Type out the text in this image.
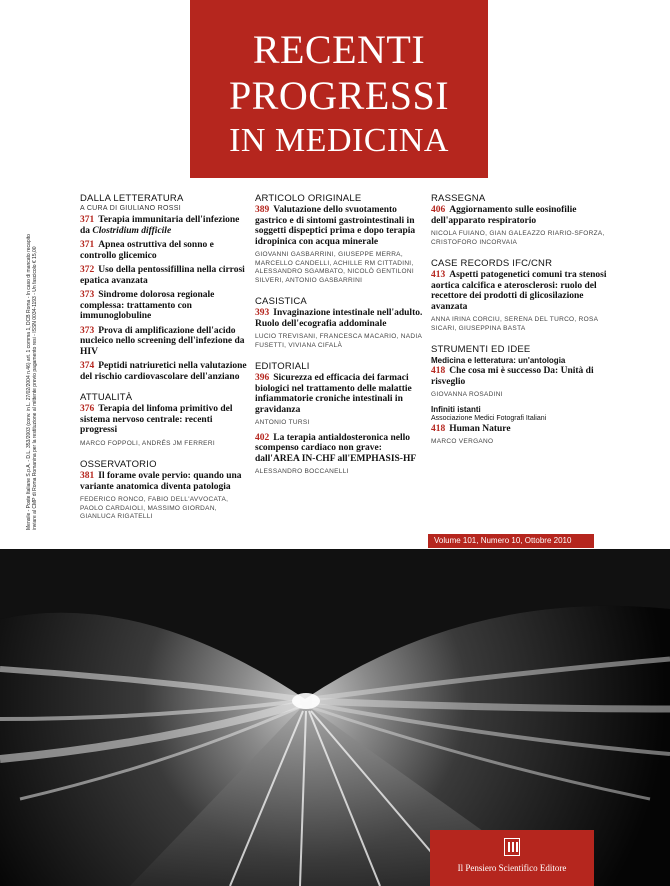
RECENTI
PROGRESSI
IN MEDICINA
Mensile - Poste Italiane S.p.A. - D.L. 353/2003 (conv. in L. 27/02/2004 n.46) art. 1 comma 1, DCB Roma - In caso di mancato recapito inviare al CMP di Roma Romanina per la restituzione al mittente previo pagamento resi - ISSN 0034-1193 - Un fascicolo € 15,00
DALLA LETTERATURA
A CURA DI GIULIANO ROSSI
371 Terapia immunitaria dell'infezione da Clostridium difficile
371 Apnea ostruttiva del sonno e controllo glicemico
372 Uso della pentossifillina nella cirrosi epatica avanzata
373 Sindrome dolorosa regionale complessa: trattamento con immunoglobuline
373 Prova di amplificazione dell'acido nucleico nello screening dell'infezione da HIV
374 Peptidi natriuretici nella valutazione del rischio cardiovascolare dell'anziano
ATTUALITÀ
376 Terapia del linfoma primitivo del sistema nervoso centrale: recenti progressi
MARCO FOPPOLI, ANDRÉS JM FERRERI
OSSERVATORIO
381 Il forame ovale pervio: quando una variante anatomica diventa patologia
FEDERICO RONCO, FABIO DELL'AVVOCATA, PAOLO CARDAIOLI, MASSIMO GIORDAN, GIANLUCA RIGATELLI
ARTICOLO ORIGINALE
389 Valutazione dello svuotamento gastrico e di sintomi gastrointestinali in soggetti dispeptici prima e dopo terapia idropinica con acqua minerale
GIOVANNI GASBARRINI, GIUSEPPE MERRA, MARCELLO CANDELLI, ACHILLE RM CITTADINI, ALESSANDRO SGAMBATO, NICOLÒ GENTILONI SILVERI, ANTONIO GASBARRINI
CASISTICA
393 Invaginazione intestinale nell'adulto. Ruolo dell'ecografia addominale
LUCIO TREVISANI, FRANCESCA MACARIO, NADIA FUSETTI, VIVIANA CIFALÀ
EDITORIALI
396 Sicurezza ed efficacia dei farmaci biologici nel trattamento delle malattie infiammatorie croniche intestinali in gravidanza
ANTONIO TURSI
402 La terapia antialdosteronica nello scompenso cardiaco non grave: dall'AREA IN-CHF all'EMPHASIS-HF
ALESSANDRO BOCCANELLI
RASSEGNA
406 Aggiornamento sulle eosinofilie dell'apparato respiratorio
NICOLA FUIANO, GIAN GALEAZZO RIARIO-SFORZA, CRISTOFORO INCORVAIA
CASE RECORDS IFC/CNR
413 Aspetti patogenetici comuni tra stenosi aortica calcifica e aterosclerosi: ruolo del recettore dei prodotti di glicosilazione avanzata
ANNA IRINA CORCIU, SERENA DEL TURCO, ROSA SICARI, GIUSEPPINA BASTA
STRUMENTI ED IDEE
Medicina e letteratura: un'antologia
418 Che cosa mi è successo Da: Unità di risveglio
GIOVANNA ROSADINI
Infiniti istanti
Associazione Medici Fotografi Italiani
418 Human Nature
MARCO VERGANO
Volume 101, Numero 10, Ottobre 2010
Il Pensiero Scientifico Editore
